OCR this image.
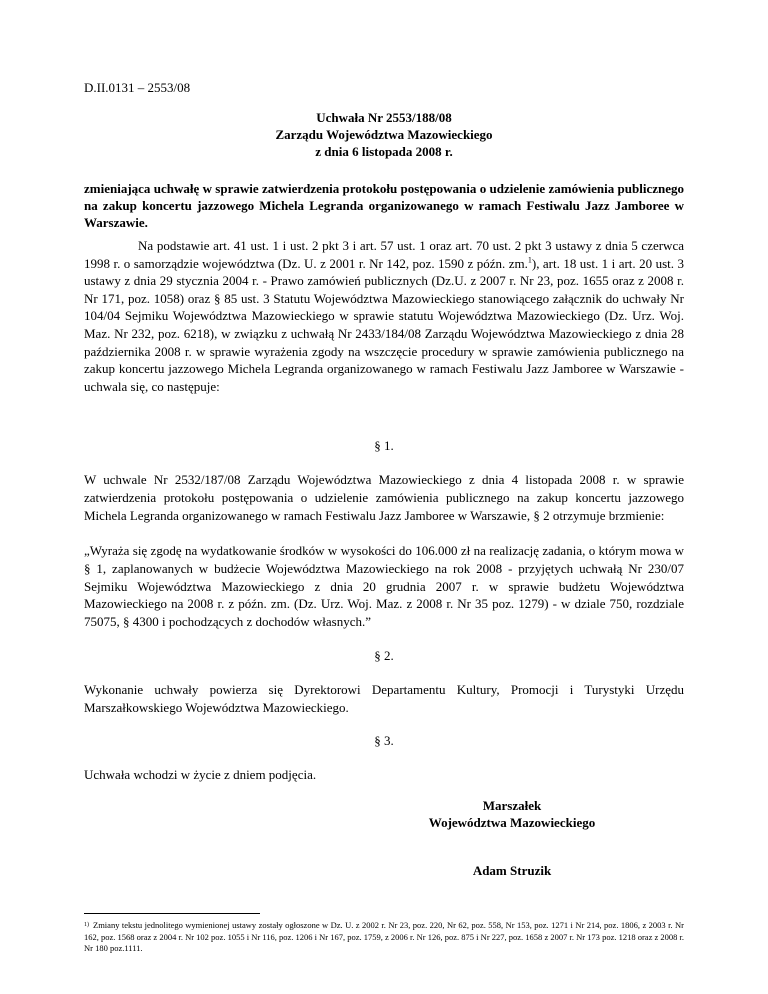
D.II.0131 – 2553/08
Uchwała Nr 2553/188/08
Zarządu Województwa Mazowieckiego
z dnia 6 listopada 2008 r.
zmieniająca uchwałę w sprawie zatwierdzenia protokołu postępowania o udzielenie zamówienia publicznego na zakup koncertu jazzowego Michela Legranda organizowanego w ramach Festiwalu Jazz Jamboree w Warszawie.

Na podstawie art. 41 ust. 1 i ust. 2 pkt 3 i art. 57 ust. 1 oraz art. 70 ust. 2 pkt 3 ustawy z dnia 5 czerwca 1998 r. o samorządzie województwa (Dz. U. z 2001 r. Nr 142, poz. 1590 z późn. zm.$^1$), art. 18 ust. 1 i art. 20 ust. 3 ustawy z dnia 29 stycznia 2004 r. - Prawo zamówień publicznych (Dz.U. z 2007 r. Nr 23, poz. 1655 oraz z 2008 r. Nr 171, poz. 1058) oraz § 85 ust. 3 Statutu Województwa Mazowieckiego stanowiącego załącznik do uchwały Nr 104/04 Sejmiku Województwa Mazowieckiego w sprawie statutu Województwa Mazowieckiego (Dz. Urz. Woj. Maz. Nr 232, poz. 6218), w związku z uchwałą Nr 2433/184/08 Zarządu Województwa Mazowieckiego z dnia 28 października 2008 r. w sprawie wyrażenia zgody na wszczęcie procedury w sprawie zamówienia publicznego na zakup koncertu jazzowego Michela Legranda organizowanego w ramach Festiwalu Jazz Jamboree w Warszawie - uchwala się, co następuje:

§ 1.

W uchwale Nr 2532/187/08 Zarządu Województwa Mazowieckiego z dnia 4 listopada 2008 r. w sprawie zatwierdzenia protokołu postępowania o udzielenie zamówienia publicznego na zakup koncertu jazzowego Michela Legranda organizowanego w ramach Festiwalu Jazz Jamboree w Warszawie, § 2 otrzymuje brzmienie:

„Wyraża się zgodę na wydatkowanie środków w wysokości do 106.000 zł na realizację zadania, o którym mowa w § 1, zaplanowanych w budżecie Województwa Mazowieckiego na rok 2008 - przyjętych uchwałą Nr 230/07 Sejmiku Województwa Mazowieckiego z dnia 20 grudnia 2007 r. w sprawie budżetu Województwa Mazowieckiego na 2008 r. z późn. zm. (Dz. Urz. Woj. Maz. z 2008 r. Nr 35 poz. 1279) - w dziale 750, rozdziale 75075, § 4300 i pochodzących z dochodów własnych.”

§ 2.

Wykonanie uchwały powierza się Dyrektorowi Departamentu Kultury, Promocji i Turystyki Urzędu Marszałkowskiego Województwa Mazowieckiego.

§ 3.

Uchwała wchodzi w życie z dniem podjęcia.

Marszałek
Województwa Mazowieckiego
Adam Struzik
$^{1)}$ Zmiany tekstu jednolitego wymienionej ustawy zostały ogłoszone w Dz. U. z 2002 r. Nr 23, poz. 220, Nr 62, poz. 558, Nr 153, poz. 1271 i Nr 214, poz. 1806, z 2003 r. Nr 162, poz. 1568 oraz z 2004 r. Nr 102 poz. 1055 i Nr 116, poz. 1206 i Nr 167, poz. 1759, z 2006 r. Nr 126, poz. 875 i Nr 227, poz. 1658 z 2007 r. Nr 173 poz. 1218 oraz z 2008 r. Nr 180 poz.1111.
